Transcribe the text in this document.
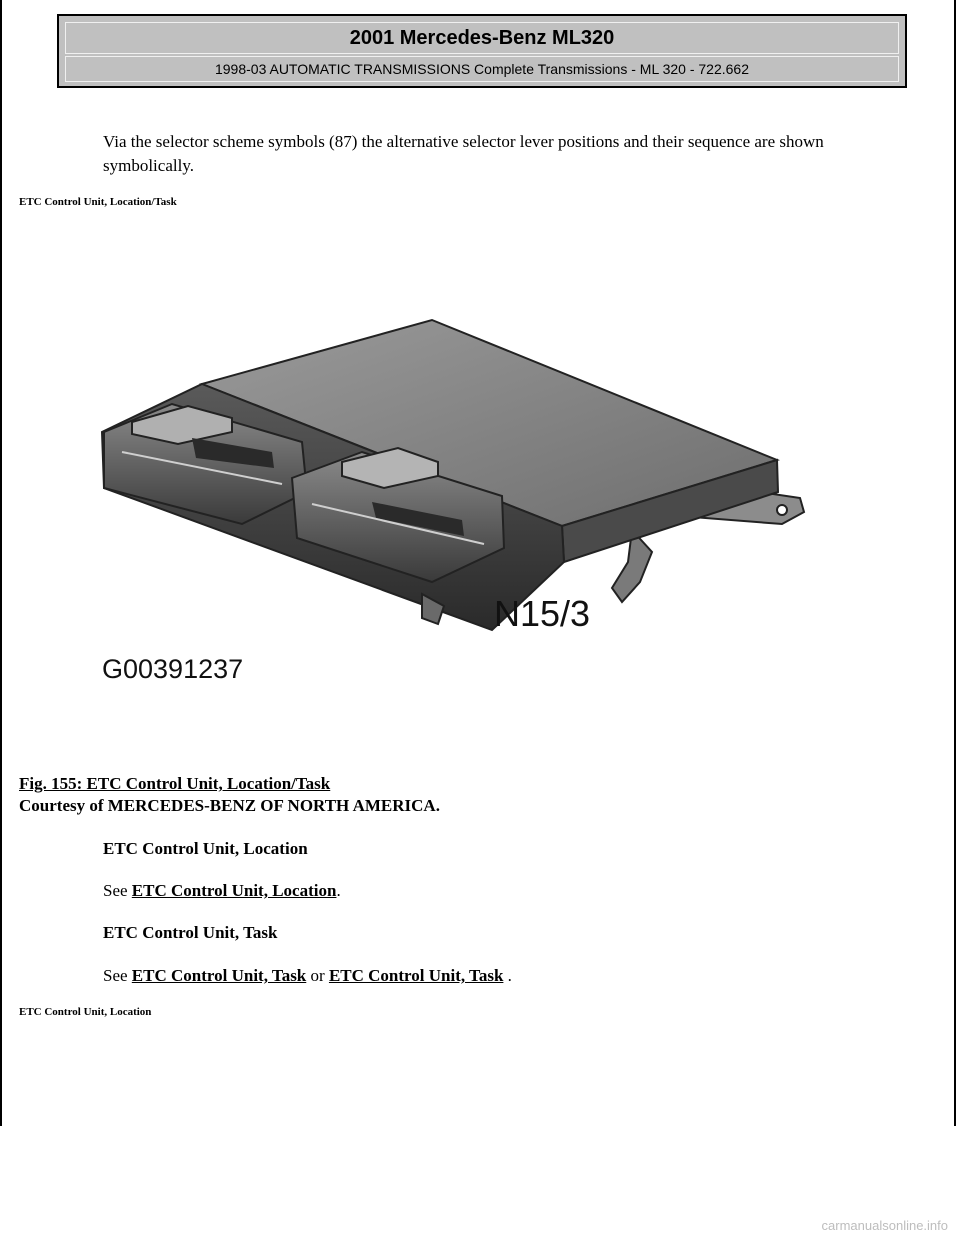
2001 Mercedes-Benz ML320
1998-03 AUTOMATIC TRANSMISSIONS Complete Transmissions - ML 320 - 722.662
Via the selector scheme symbols (87) the alternative selector lever positions and their sequence are shown symbolically.
ETC Control Unit, Location/Task
N15/3
G00391237
Fig. 155: ETC Control Unit, Location/Task
Courtesy of MERCEDES-BENZ OF NORTH AMERICA.
ETC Control Unit, Location
See ETC Control Unit, Location.
ETC Control Unit, Task
See ETC Control Unit, Task or ETC Control Unit, Task .
ETC Control Unit, Location
carmanualsonline.info
